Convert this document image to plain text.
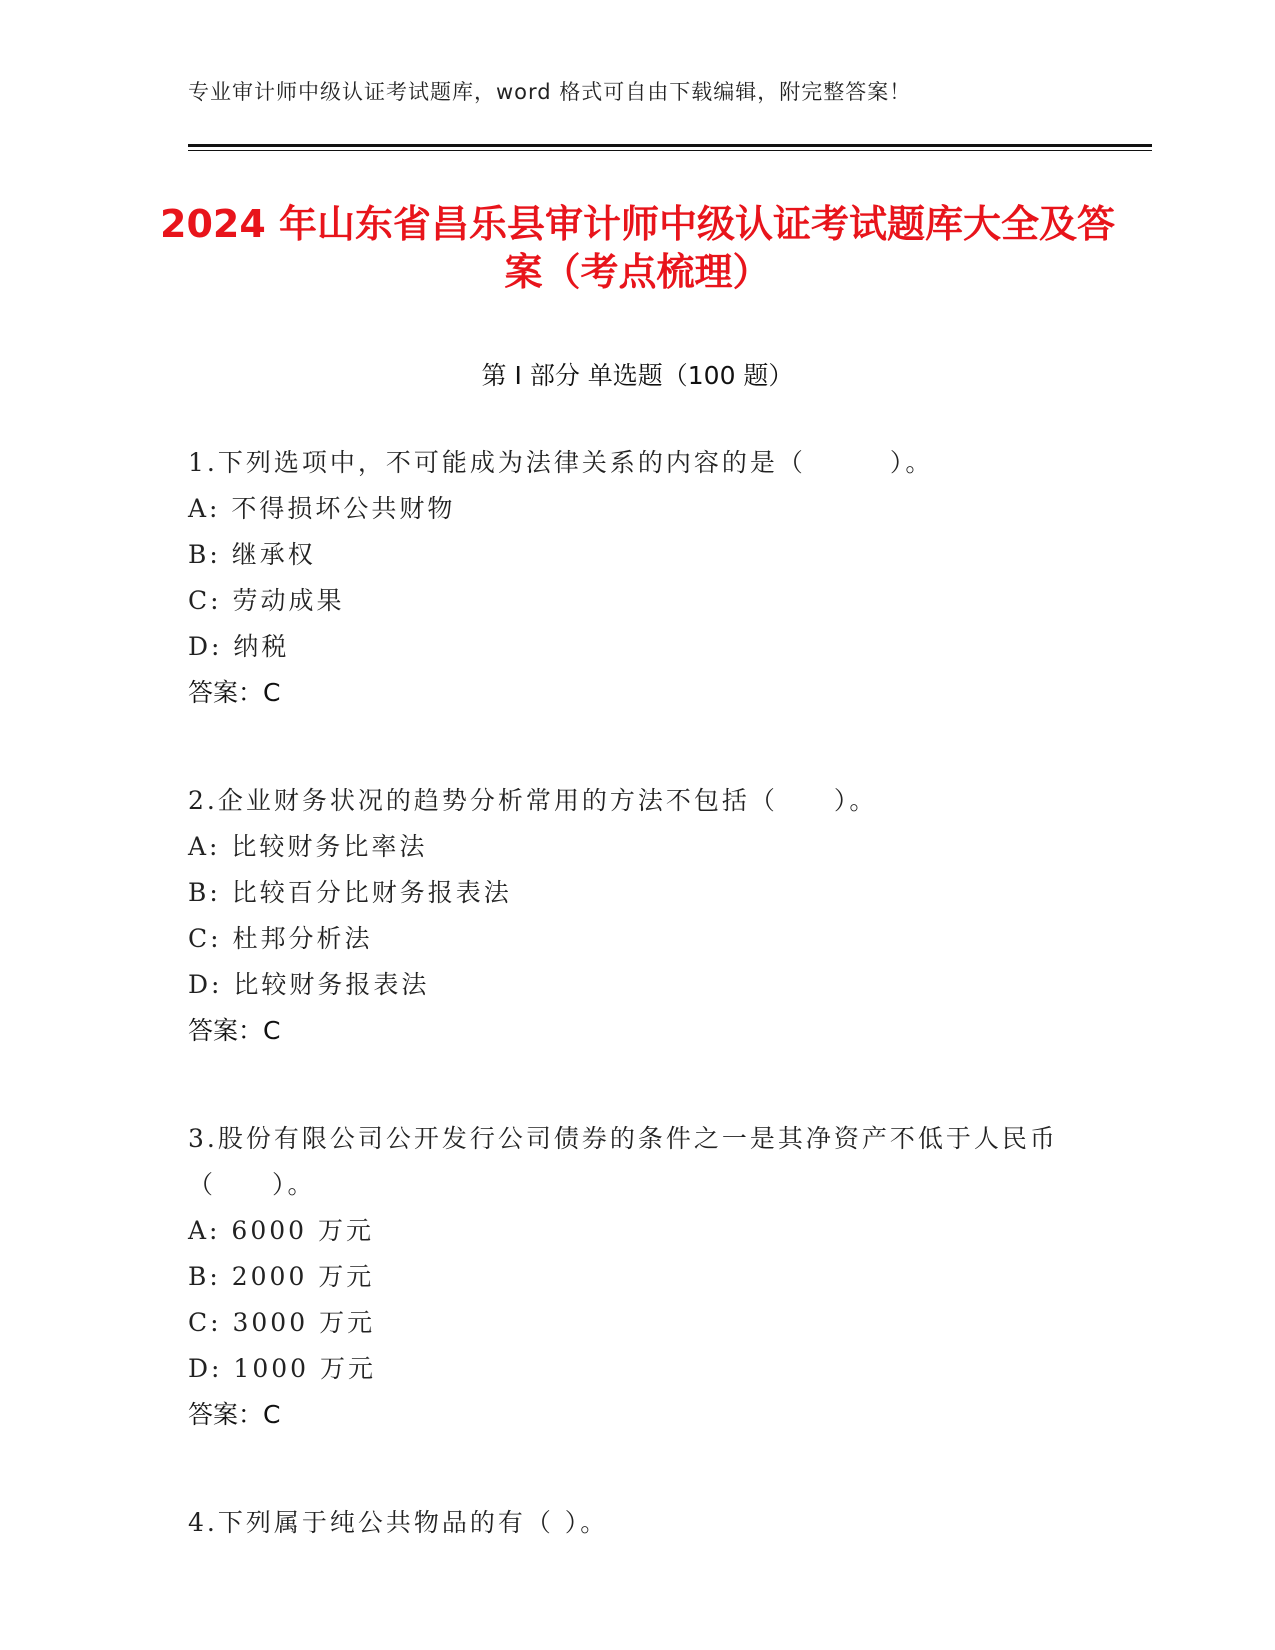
专业审计师中级认证考试题库，word 格式可自由下载编辑，附完整答案！
2024 年山东省昌乐县审计师中级认证考试题库大全及答案（考点梳理）
第 I 部分 单选题（100 题）

1.下列选项中，不可能成为法律关系的内容的是（　　　）。

A: 不得损坏公共财物

B: 继承权

C: 劳动成果

D: 纳税

答案：C

2.企业财务状况的趋势分析常用的方法不包括（　　）。

A: 比较财务比率法

B: 比较百分比财务报表法

C: 杜邦分析法

D: 比较财务报表法

答案：C

3.股份有限公司公开发行公司债券的条件之一是其净资产不低于人民币（　　）。

A: 6000 万元

B: 2000 万元

C: 3000 万元

D: 1000 万元

答案：C

4.下列属于纯公共物品的有（ ）。
